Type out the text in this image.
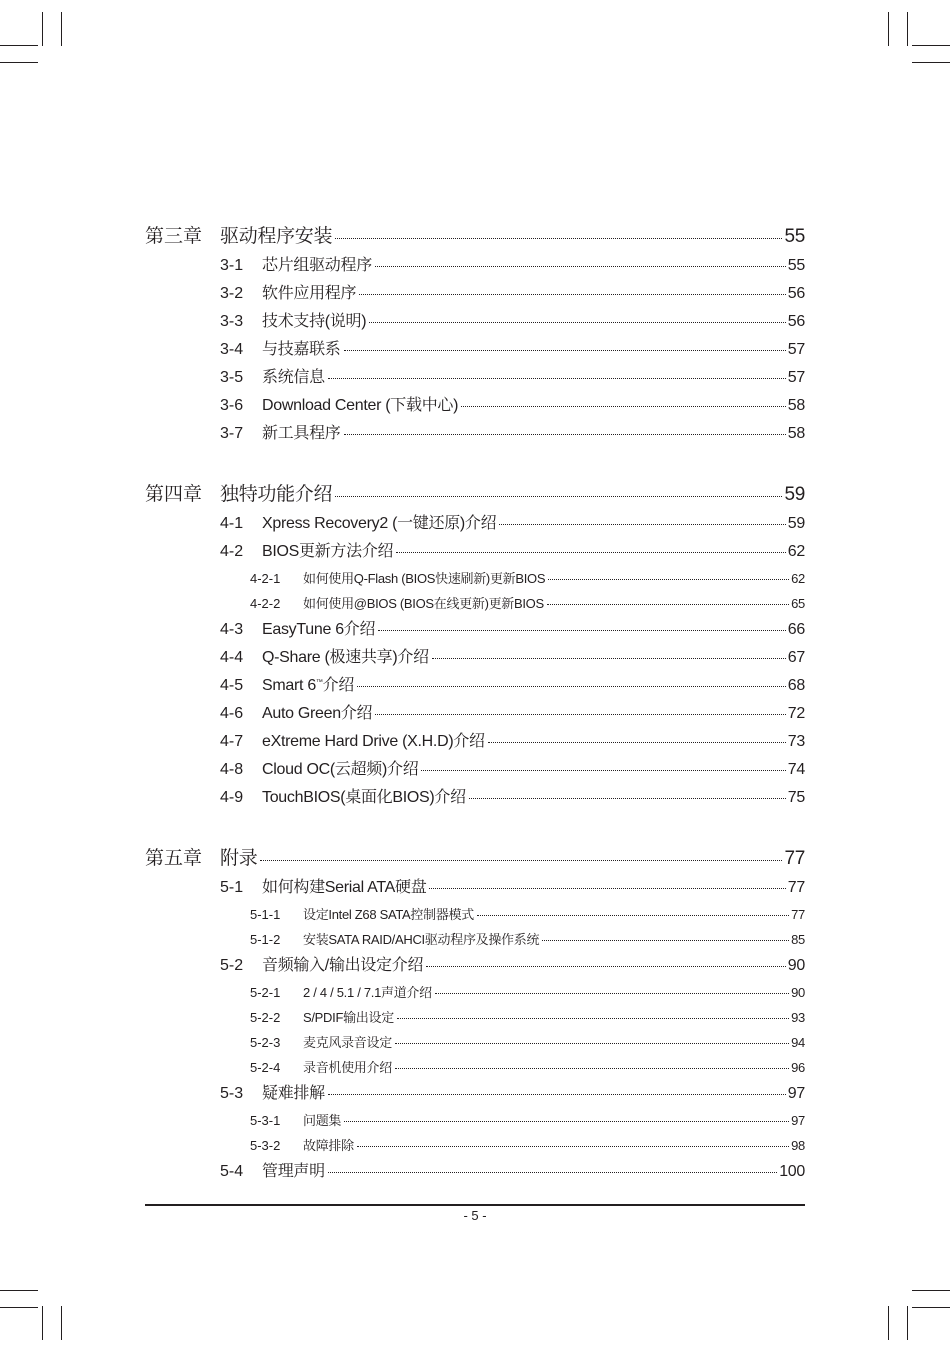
第三章 驱动程序安装	55
3-1	芯片组驱动程序	55
3-2	软件应用程序	56
3-3	技术支持(说明)	56
3-4	与技嘉联系	57
3-5	系统信息	57
3-6	Download Center (下载中心)	58
3-7	新工具程序	58
第四章 独特功能介绍	59
4-1	Xpress Recovery2 (一键还原)介绍	59
4-2	BIOS更新方法介绍	62
4-2-1	如何使用Q-Flash (BIOS快速刷新)更新BIOS	62
4-2-2	如何使用@BIOS (BIOS在线更新)更新BIOS	65
4-3	EasyTune 6介绍	66
4-4	Q-Share (极速共享)介绍	67
4-5	Smart 6™介绍	68
4-6	Auto Green介绍	72
4-7	eXtreme Hard Drive (X.H.D)介绍	73
4-8	Cloud OC(云超频)介绍	74
4-9	TouchBIOS(桌面化BIOS)介绍	75
第五章 附录	77
5-1	如何构建Serial ATA硬盘	77
5-1-1	设定Intel Z68 SATA控制器模式	77
5-1-2	安装SATA RAID/AHCI驱动程序及操作系统	85
5-2	音频输入/输出设定介绍	90
5-2-1	2 / 4 / 5.1 / 7.1声道介绍	90
5-2-2	S/PDIF输出设定	93
5-2-3	麦克风录音设定	94
5-2-4	录音机使用介绍	96
5-3	疑难排解	97
5-3-1	问题集	97
5-3-2	故障排除	98
5-4	管理声明	100
- 5 -
